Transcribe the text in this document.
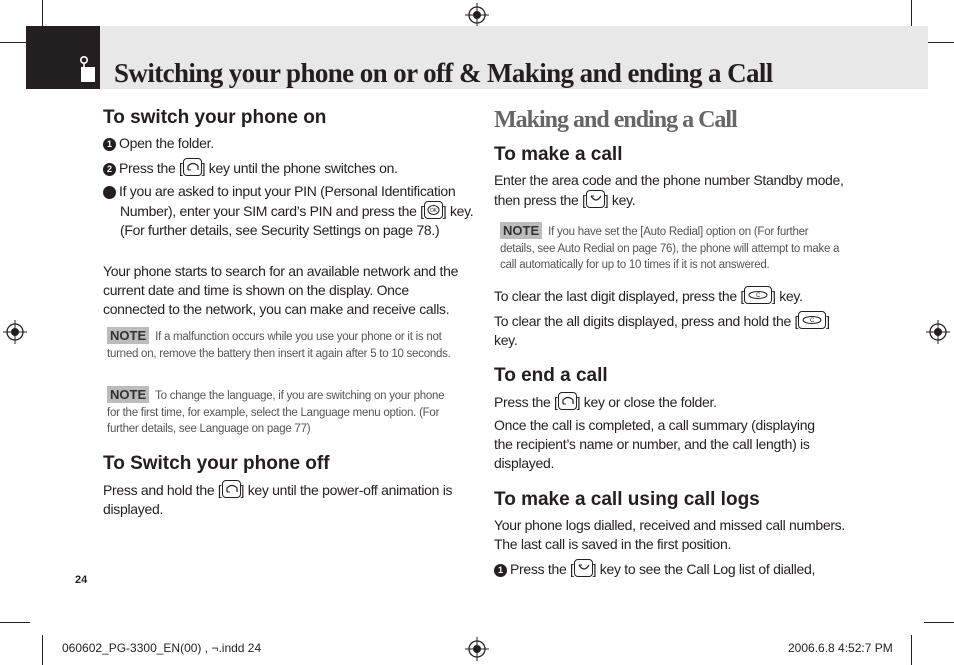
Switching your phone on or off & Making and ending a Call
To switch your phone on
1 Open the folder.
2 Press the [ ] key until the phone switches on.
3 If you are asked to input your PIN (Personal Identification Number), enter your SIM card’s PIN and press the [ OK ] key. (For further details, see Security Settings on page 78.)
Your phone starts to search for an available network and the current date and time is shown on the display. Once connected to the network, you can make and receive calls.
NOTE If a malfunction occurs while you use your phone or it is not turned on, remove the battery then insert it again after 5 to 10 seconds.
NOTE To change the language, if you are switching on your phone for the first time, for example, select the Language menu option. (For further details, see Language on page 77)
To Switch your phone off
Press and hold the [ ] key until the power-off animation is displayed.
24
Making and ending a Call
To make a call
Enter the area code and the phone number Standby mode, then press the [ ] key.
NOTE If you have set the [Auto Redial] option on (For further details, see Auto Redial on page 76), the phone will attempt to make a call automatically for up to 10 times if it is not answered.
To clear the last digit displayed, press the [ C ] key.
To clear the all digits displayed, press and hold the [ C ] key.
To end a call
Press the [ ] key or close the folder.
Once the call is completed, a call summary (displaying the recipient’s name or number, and the call length) is displayed.
To make a call using call logs
Your phone logs dialled, received and missed call numbers. The last call is saved in the first position.
1 Press the [ ] key to see the Call Log list of dialled,
060602_PG-3300_EN(00) , ¬.indd 24	2006.6.8 4:52:7 PM
